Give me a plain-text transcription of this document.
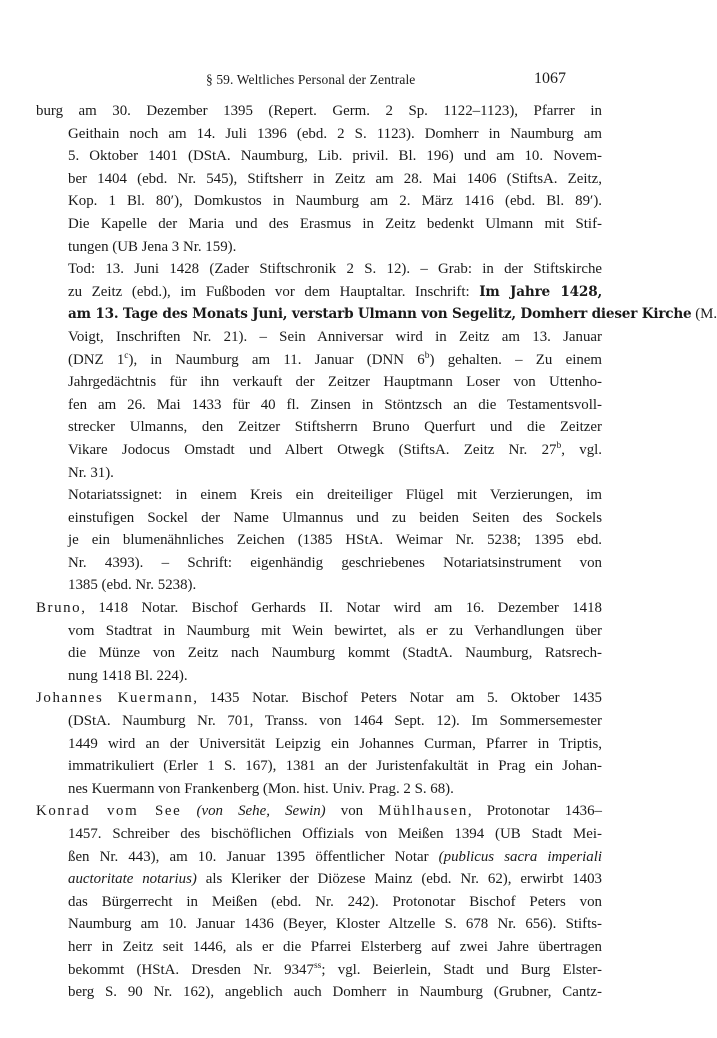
§ 59. Weltliches Personal der Zentrale	1067
burg am 30. Dezember 1395 (Repert. Germ. 2 Sp. 1122–1123), Pfarrer in
Geithain noch am 14. Juli 1396 (ebd. 2 S. 1123). Domherr in Naumburg am
5. Oktober 1401 (DStA. Naumburg, Lib. privil. Bl. 196) und am 10. Novem-
ber 1404 (ebd. Nr. 545), Stiftsherr in Zeitz am 28. Mai 1406 (StiftsA. Zeitz,
Kop. 1 Bl. 80′), Domkustos in Naumburg am 2. März 1416 (ebd. Bl. 89′).
Die Kapelle der Maria und des Erasmus in Zeitz bedenkt Ulmann mit Stif-
tungen (UB Jena 3 Nr. 159).
Tod: 13. Juni 1428 (Zader Stiftschronik 2 S. 12). – Grab: in der Stiftskirche
zu Zeitz (ebd.), im Fußboden vor dem Hauptaltar. Inschrift: Im Jahre 1428,
am 13. Tage des Monats Juni, verstarb Ulmann von Segelitz, Domherr dieser Kirche (M.
Voigt, Inschriften Nr. 21). – Sein Anniversar wird in Zeitz am 13. Januar
(DNZ 1$^c$), in Naumburg am 11. Januar (DNN 6$^b$) gehalten. – Zu einem
Jahrgedächtnis für ihn verkauft der Zeitzer Hauptmann Loser von Uttenho-
fen am 26. Mai 1433 für 40 fl. Zinsen in Stöntzsch an die Testamentsvoll-
strecker Ulmanns, den Zeitzer Stiftsherrn Bruno Querfurt und die Zeitzer
Vikare Jodocus Omstadt und Albert Otwegk (StiftsA. Zeitz Nr. 27$^b$, vgl.
Nr. 31).
Notariatssignet: in einem Kreis ein dreiteiliger Flügel mit Verzierungen, im
einstufigen Sockel der Name Ulmannus und zu beiden Seiten des Sockels
je ein blumenähnliches Zeichen (1385 HStA. Weimar Nr. 5238; 1395 ebd.
Nr. 4393). – Schrift: eigenhändig geschriebenes Notariatsinstrument von
1385 (ebd. Nr. 5238).
Bruno, 1418 Notar. Bischof Gerhards II. Notar wird am 16. Dezember 1418
vom Stadtrat in Naumburg mit Wein bewirtet, als er zu Verhandlungen über
die Münze von Zeitz nach Naumburg kommt (StadtA. Naumburg, Ratsrech-
nung 1418 Bl. 224).
Johannes Kuermann, 1435 Notar. Bischof Peters Notar am 5. Oktober 1435
(DStA. Naumburg Nr. 701, Transs. von 1464 Sept. 12). Im Sommersemester
1449 wird an der Universität Leipzig ein Johannes Curman, Pfarrer in Triptis,
immatrikuliert (Erler 1 S. 167), 1381 an der Juristenfakultät in Prag ein Johan-
nes Kuermann von Frankenberg (Mon. hist. Univ. Prag. 2 S. 68).
Konrad vom See (von Sehe, Sewin) von Mühlhausen, Protonotar 1436–
1457. Schreiber des bischöflichen Offizials von Meißen 1394 (UB Stadt Mei-
ßen Nr. 443), am 10. Januar 1395 öffentlicher Notar (publicus sacra imperiali
auctoritate notarius) als Kleriker der Diözese Mainz (ebd. Nr. 62), erwirbt 1403
das Bürgerrecht in Meißen (ebd. Nr. 242). Protonotar Bischof Peters von
Naumburg am 10. Januar 1436 (Beyer, Kloster Altzelle S. 678 Nr. 656). Stifts-
herr in Zeitz seit 1446, als er die Pfarrei Elsterberg auf zwei Jahre übertragen
bekommt (HStA. Dresden Nr. $9347^{ss}$; vgl. Beierlein, Stadt und Burg Elster-
berg S. 90 Nr. 162), angeblich auch Domherr in Naumburg (Grubner, Cantz-
